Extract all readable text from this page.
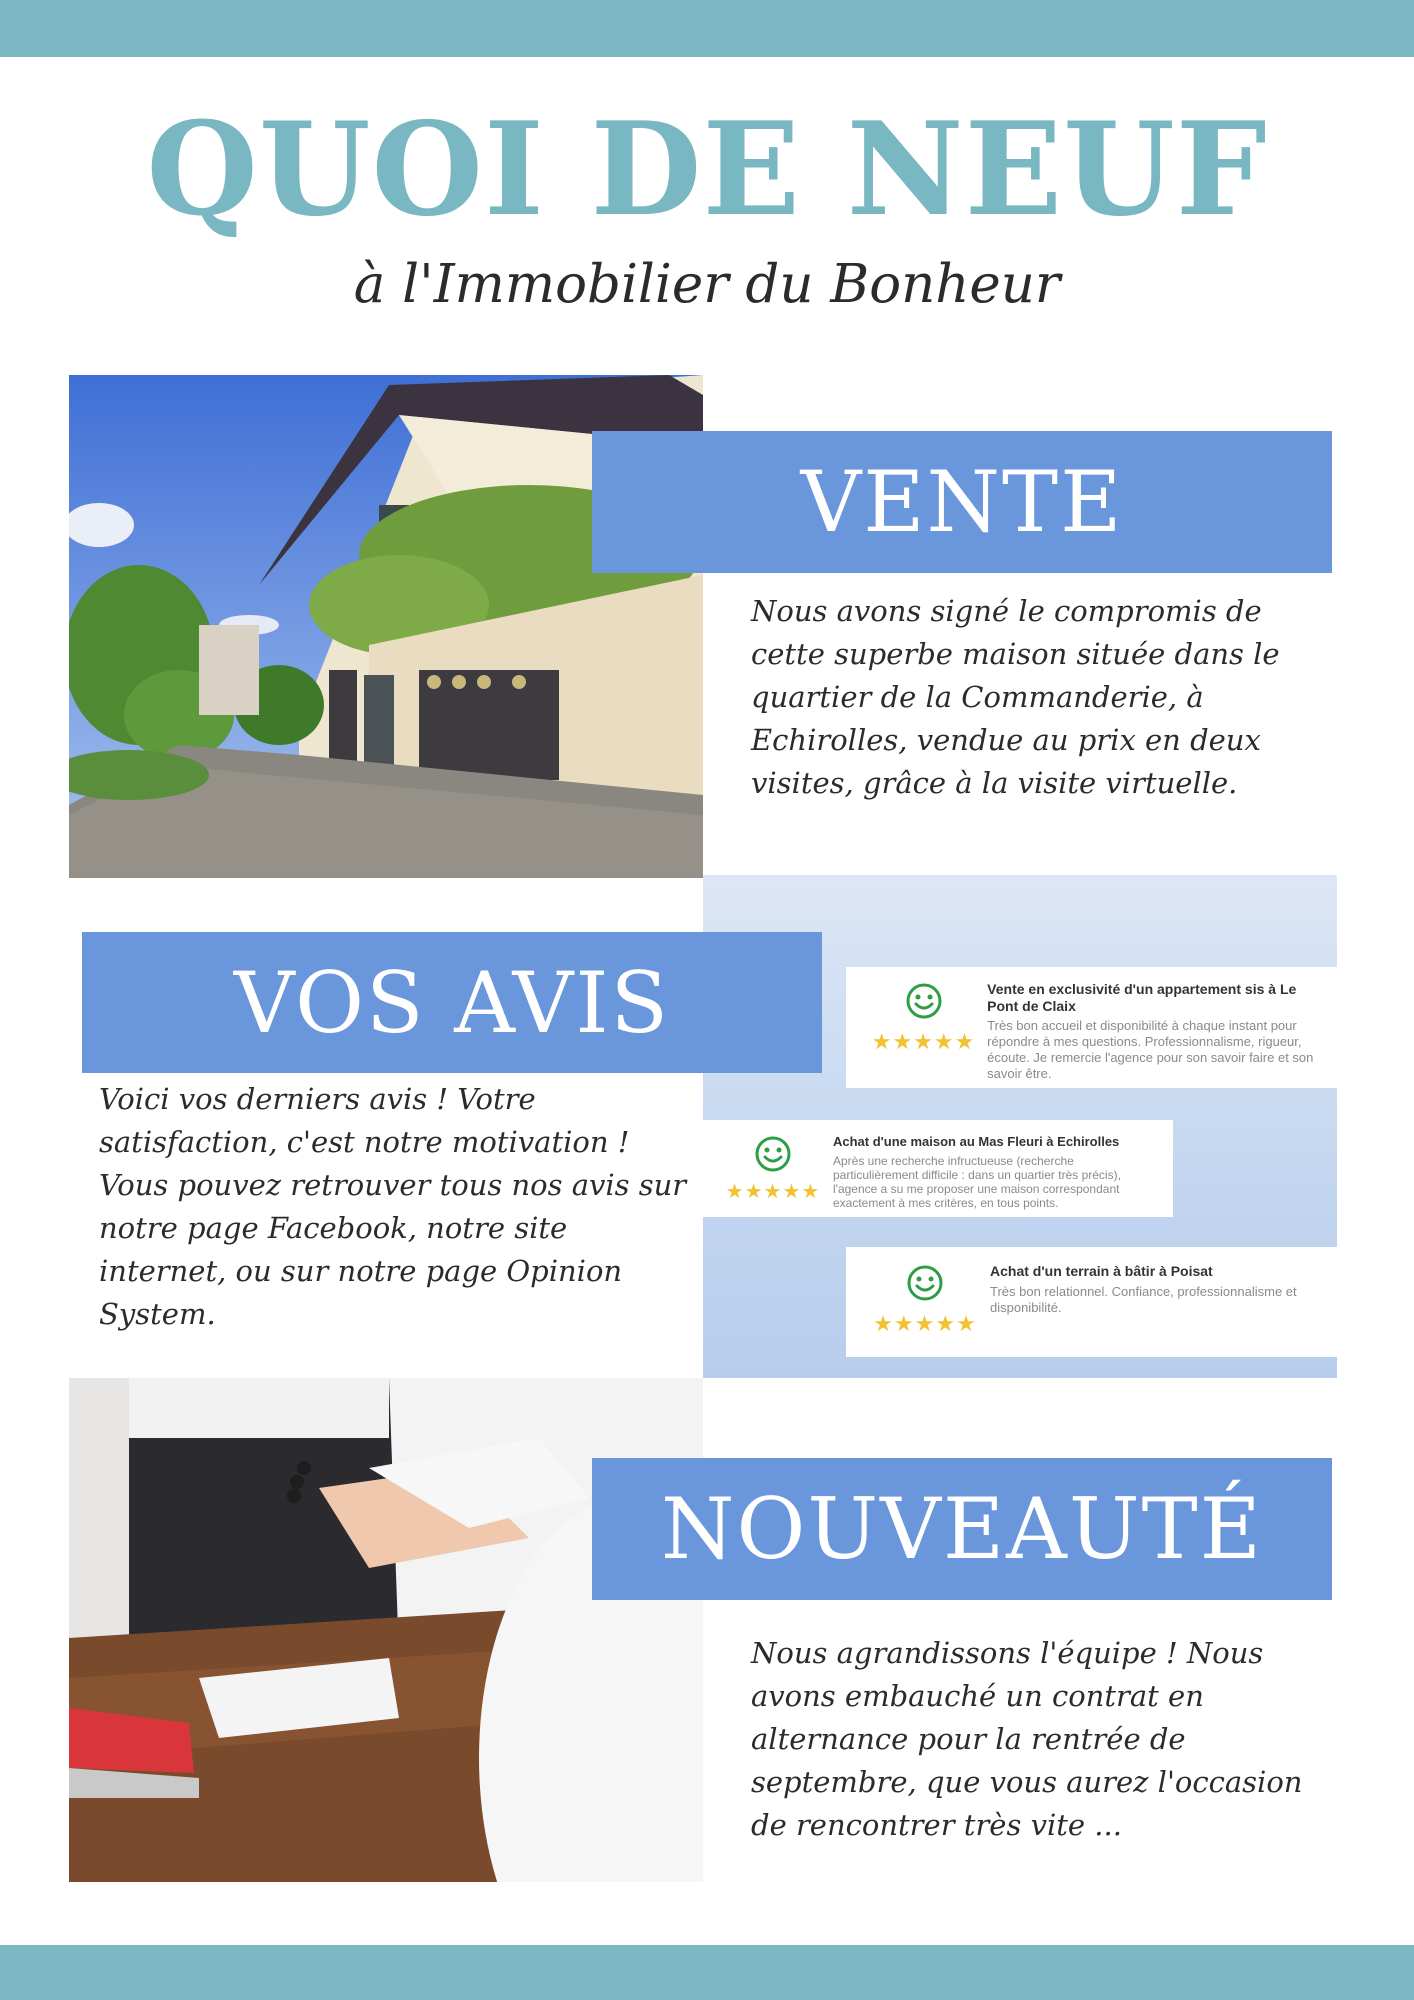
QUOI DE NEUF
à l'Immobilier du Bonheur
VENTE

Nous avons signé le compromis de cette superbe maison située dans le quartier de la Commanderie, à Echirolles, vendue au prix en deux visites, grâce à la visite virtuelle.

★★★★★
Vente en exclusivité d'un appartement sis à Le Pont de Claix
Très bon accueil et disponibilité à chaque instant pour répondre à mes questions. Professionnalisme, rigueur, écoute. Je remercie l'agence pour son savoir faire et son savoir être.
★★★★★
Achat d'une maison au Mas Fleuri à Echirolles
Après une recherche infructueuse (recherche particulièrement difficile : dans un quartier très précis), l'agence a su me proposer une maison correspondant exactement à mes critères, en tous points.
★★★★★
Achat d'un terrain à bâtir à Poisat
Très bon relationnel. Confiance, professionnalisme et disponibilité.
VOS AVIS

Voici vos derniers avis ! Votre satisfaction, c'est notre motivation ! Vous pouvez retrouver tous nos avis sur notre page Facebook, notre site internet, ou sur notre page Opinion System.

NOUVEAUTÉ

Nous agrandissons l'équipe ! Nous avons embauché un contrat en alternance pour la rentrée de septembre, que vous aurez l'occasion de rencontrer très vite ...
